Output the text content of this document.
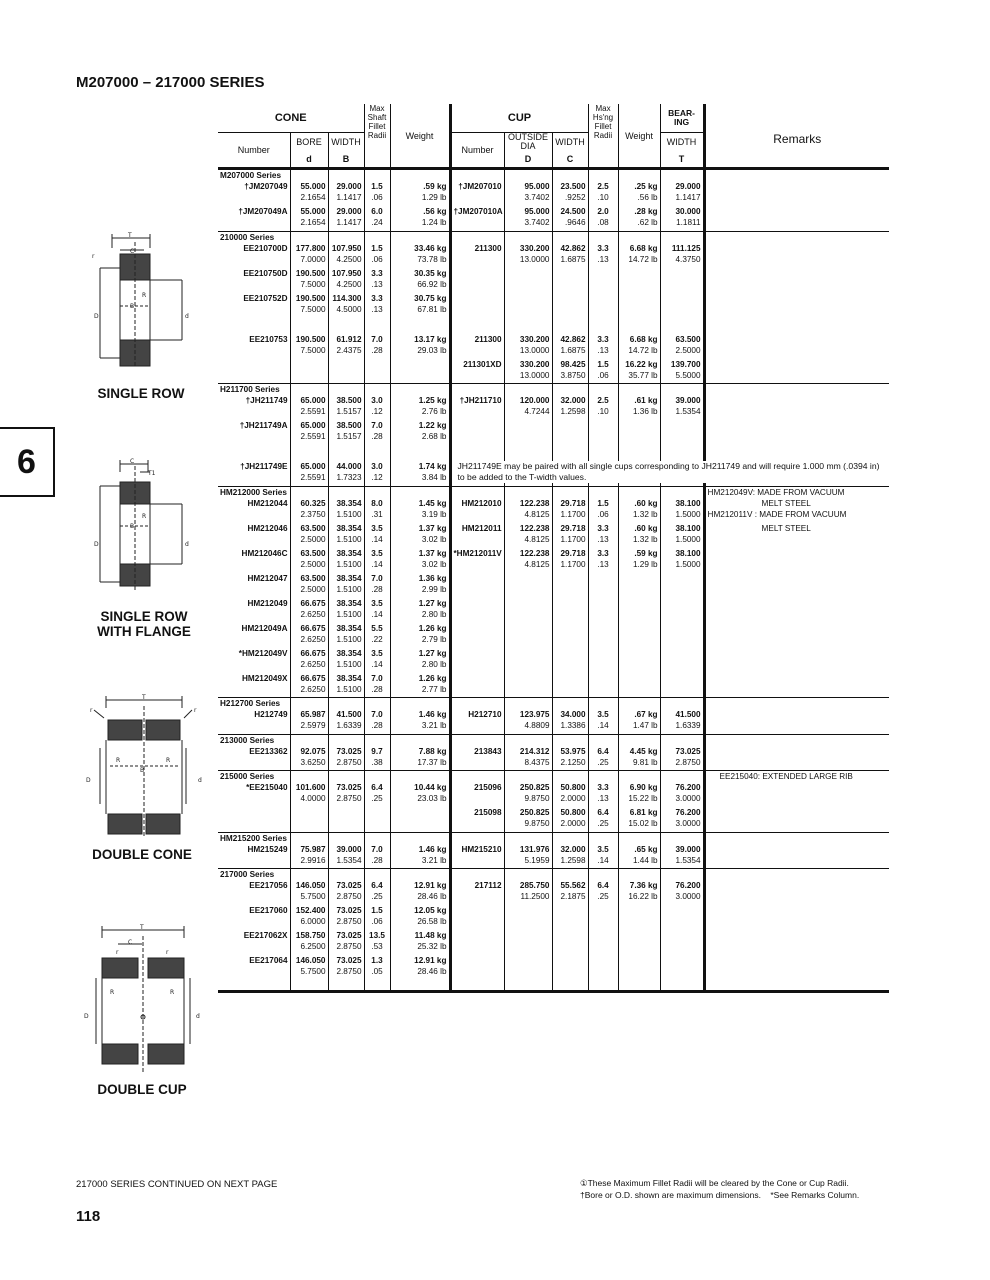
M207000 – 217000 SERIES
6
T
C
r
R
B
D	d
SINGLE ROW
C
T1
R
B
D	d
SINGLE ROW WITH FLANGE
T
r	r
R	R
B
D	d
DOUBLE CONE
T
C
r	r
R	R
D	d
DOUBLE CUP
CONE			Max Shaft Fillet Radii	Weight	CUP			Max Hs'ng Fillet Radii	Weight	BEAR- ING	Remarks
Number	BORE	WIDTH			Number	OUTSIDE DIA	WIDTH			WIDTH	
	d	B				D	C			T	
M207000 Series											
†JM207049	55.000	29.000	1.5	.59 kg	†JM207010	95.000	23.500	2.5	.25 kg	29.000	
	2.1654	1.1417	.06	1.29 lb		3.7402	.9252	.10	.56 lb	1.1417	

†JM207049A	55.000	29.000	6.0	.56 kg	†JM207010A	95.000	24.500	2.0	.28 kg	30.000	
	2.1654	1.1417	.24	1.24 lb		3.7402	.9646	.08	.62 lb	1.1811	

210000 Series											
EE210700D	177.800	107.950	1.5	33.46 kg	211300	330.200	42.862	3.3	6.68 kg	111.125	
	7.0000	4.2500	.06	73.78 lb		13.0000	1.6875	.13	14.72 lb	4.3750	

EE210750D	190.500	107.950	3.3	30.35 kg							
	7.5000	4.2500	.13	66.92 lb							

EE210752D	190.500	114.300	3.3	30.75 kg							
	7.5000	4.5000	.13	67.81 lb							

EE210753	190.500	61.912	7.0	13.17 kg	211300	330.200	42.862	3.3	6.68 kg	63.500	
	7.5000	2.4375	.28	29.03 lb		13.0000	1.6875	.13	14.72 lb	2.5000	

					211301XD	330.200	98.425	1.5	16.22 kg	139.700	
						13.0000	3.8750	.06	35.77 lb	5.5000	

H211700 Series											
†JH211749	65.000	38.500	3.0	1.25 kg	†JH211710	120.000	32.000	2.5	.61 kg	39.000	
	2.5591	1.5157	.12	2.76 lb		4.7244	1.2598	.10	1.36 lb	1.5354	

†JH211749A	65.000	38.500	7.0	1.22 kg							
	2.5591	1.5157	.28	2.68 lb							

†JH211749E	65.000	44.000	3.0	1.74 kg	JH211749E may be paired with all single cups corresponding to JH211749 and will require 1.000 mm (.0394 in) to be added to the T-width values.						
	2.5591	1.7323	.12	3.84 lb							

HM212000 Series											HM212049V: MADE FROM VACUUM
HM212044	60.325	38.354	8.0	1.45 kg	HM212010	122.238	29.718	1.5	.60 kg	38.100	MELT STEEL
	2.3750	1.5100	.31	3.19 lb		4.8125	1.1700	.06	1.32 lb	1.5000	HM212011V : MADE FROM VACUUM

HM212046	63.500	38.354	3.5	1.37 kg	HM212011	122.238	29.718	3.3	.60 kg	38.100	MELT STEEL
	2.5000	1.5100	.14	3.02 lb		4.8125	1.1700	.13	1.32 lb	1.5000	

HM212046C	63.500	38.354	3.5	1.37 kg	*HM212011V	122.238	29.718	3.3	.59 kg	38.100	
	2.5000	1.5100	.14	3.02 lb		4.8125	1.1700	.13	1.29 lb	1.5000	

HM212047	63.500	38.354	7.0	1.36 kg							
	2.5000	1.5100	.28	2.99 lb							

HM212049	66.675	38.354	3.5	1.27 kg							
	2.6250	1.5100	.14	2.80 lb							

HM212049A	66.675	38.354	5.5	1.26 kg							
	2.6250	1.5100	.22	2.79 lb							

*HM212049V	66.675	38.354	3.5	1.27 kg							
	2.6250	1.5100	.14	2.80 lb							

HM212049X	66.675	38.354	7.0	1.26 kg							
	2.6250	1.5100	.28	2.77 lb							

H212700 Series											
H212749	65.987	41.500	7.0	1.46 kg	H212710	123.975	34.000	3.5	.67 kg	41.500	
	2.5979	1.6339	.28	3.21 lb		4.8809	1.3386	.14	1.47 lb	1.6339	

213000 Series											
EE213362	92.075	73.025	9.7	7.88 kg	213843	214.312	53.975	6.4	4.45 kg	73.025	
	3.6250	2.8750	.38	17.37 lb		8.4375	2.1250	.25	9.81 lb	2.8750	

215000 Series											EE215040: EXTENDED LARGE RIB
*EE215040	101.600	73.025	6.4	10.44 kg	215096	250.825	50.800	3.3	6.90 kg	76.200	
	4.0000	2.8750	.25	23.03 lb		9.8750	2.0000	.13	15.22 lb	3.0000	

					215098	250.825	50.800	6.4	6.81 kg	76.200	
						9.8750	2.0000	.25	15.02 lb	3.0000	

HM215200 Series											
HM215249	75.987	39.000	7.0	1.46 kg	HM215210	131.976	32.000	3.5	.65 kg	39.000	
	2.9916	1.5354	.28	3.21 lb		5.1959	1.2598	.14	1.44 lb	1.5354	

217000 Series											
EE217056	146.050	73.025	6.4	12.91 kg	217112	285.750	55.562	6.4	7.36 kg	76.200	
	5.7500	2.8750	.25	28.46 lb		11.2500	2.1875	.25	16.22 lb	3.0000	

EE217060	152.400	73.025	1.5	12.05 kg							
	6.0000	2.8750	.06	26.58 lb							

EE217062X	158.750	73.025	13.5	11.48 kg							
	6.2500	2.8750	.53	25.32 lb							

EE217064	146.050	73.025	1.3	12.91 kg							
	5.7500	2.8750	.05	28.46 lb							

217000 SERIES CONTINUED ON NEXT PAGE	①These Maximum Fillet Radii will be cleared by the Cone or Cup Radii.
†Bore or O.D. shown are maximum dimensions.    *See Remarks Column.
118
